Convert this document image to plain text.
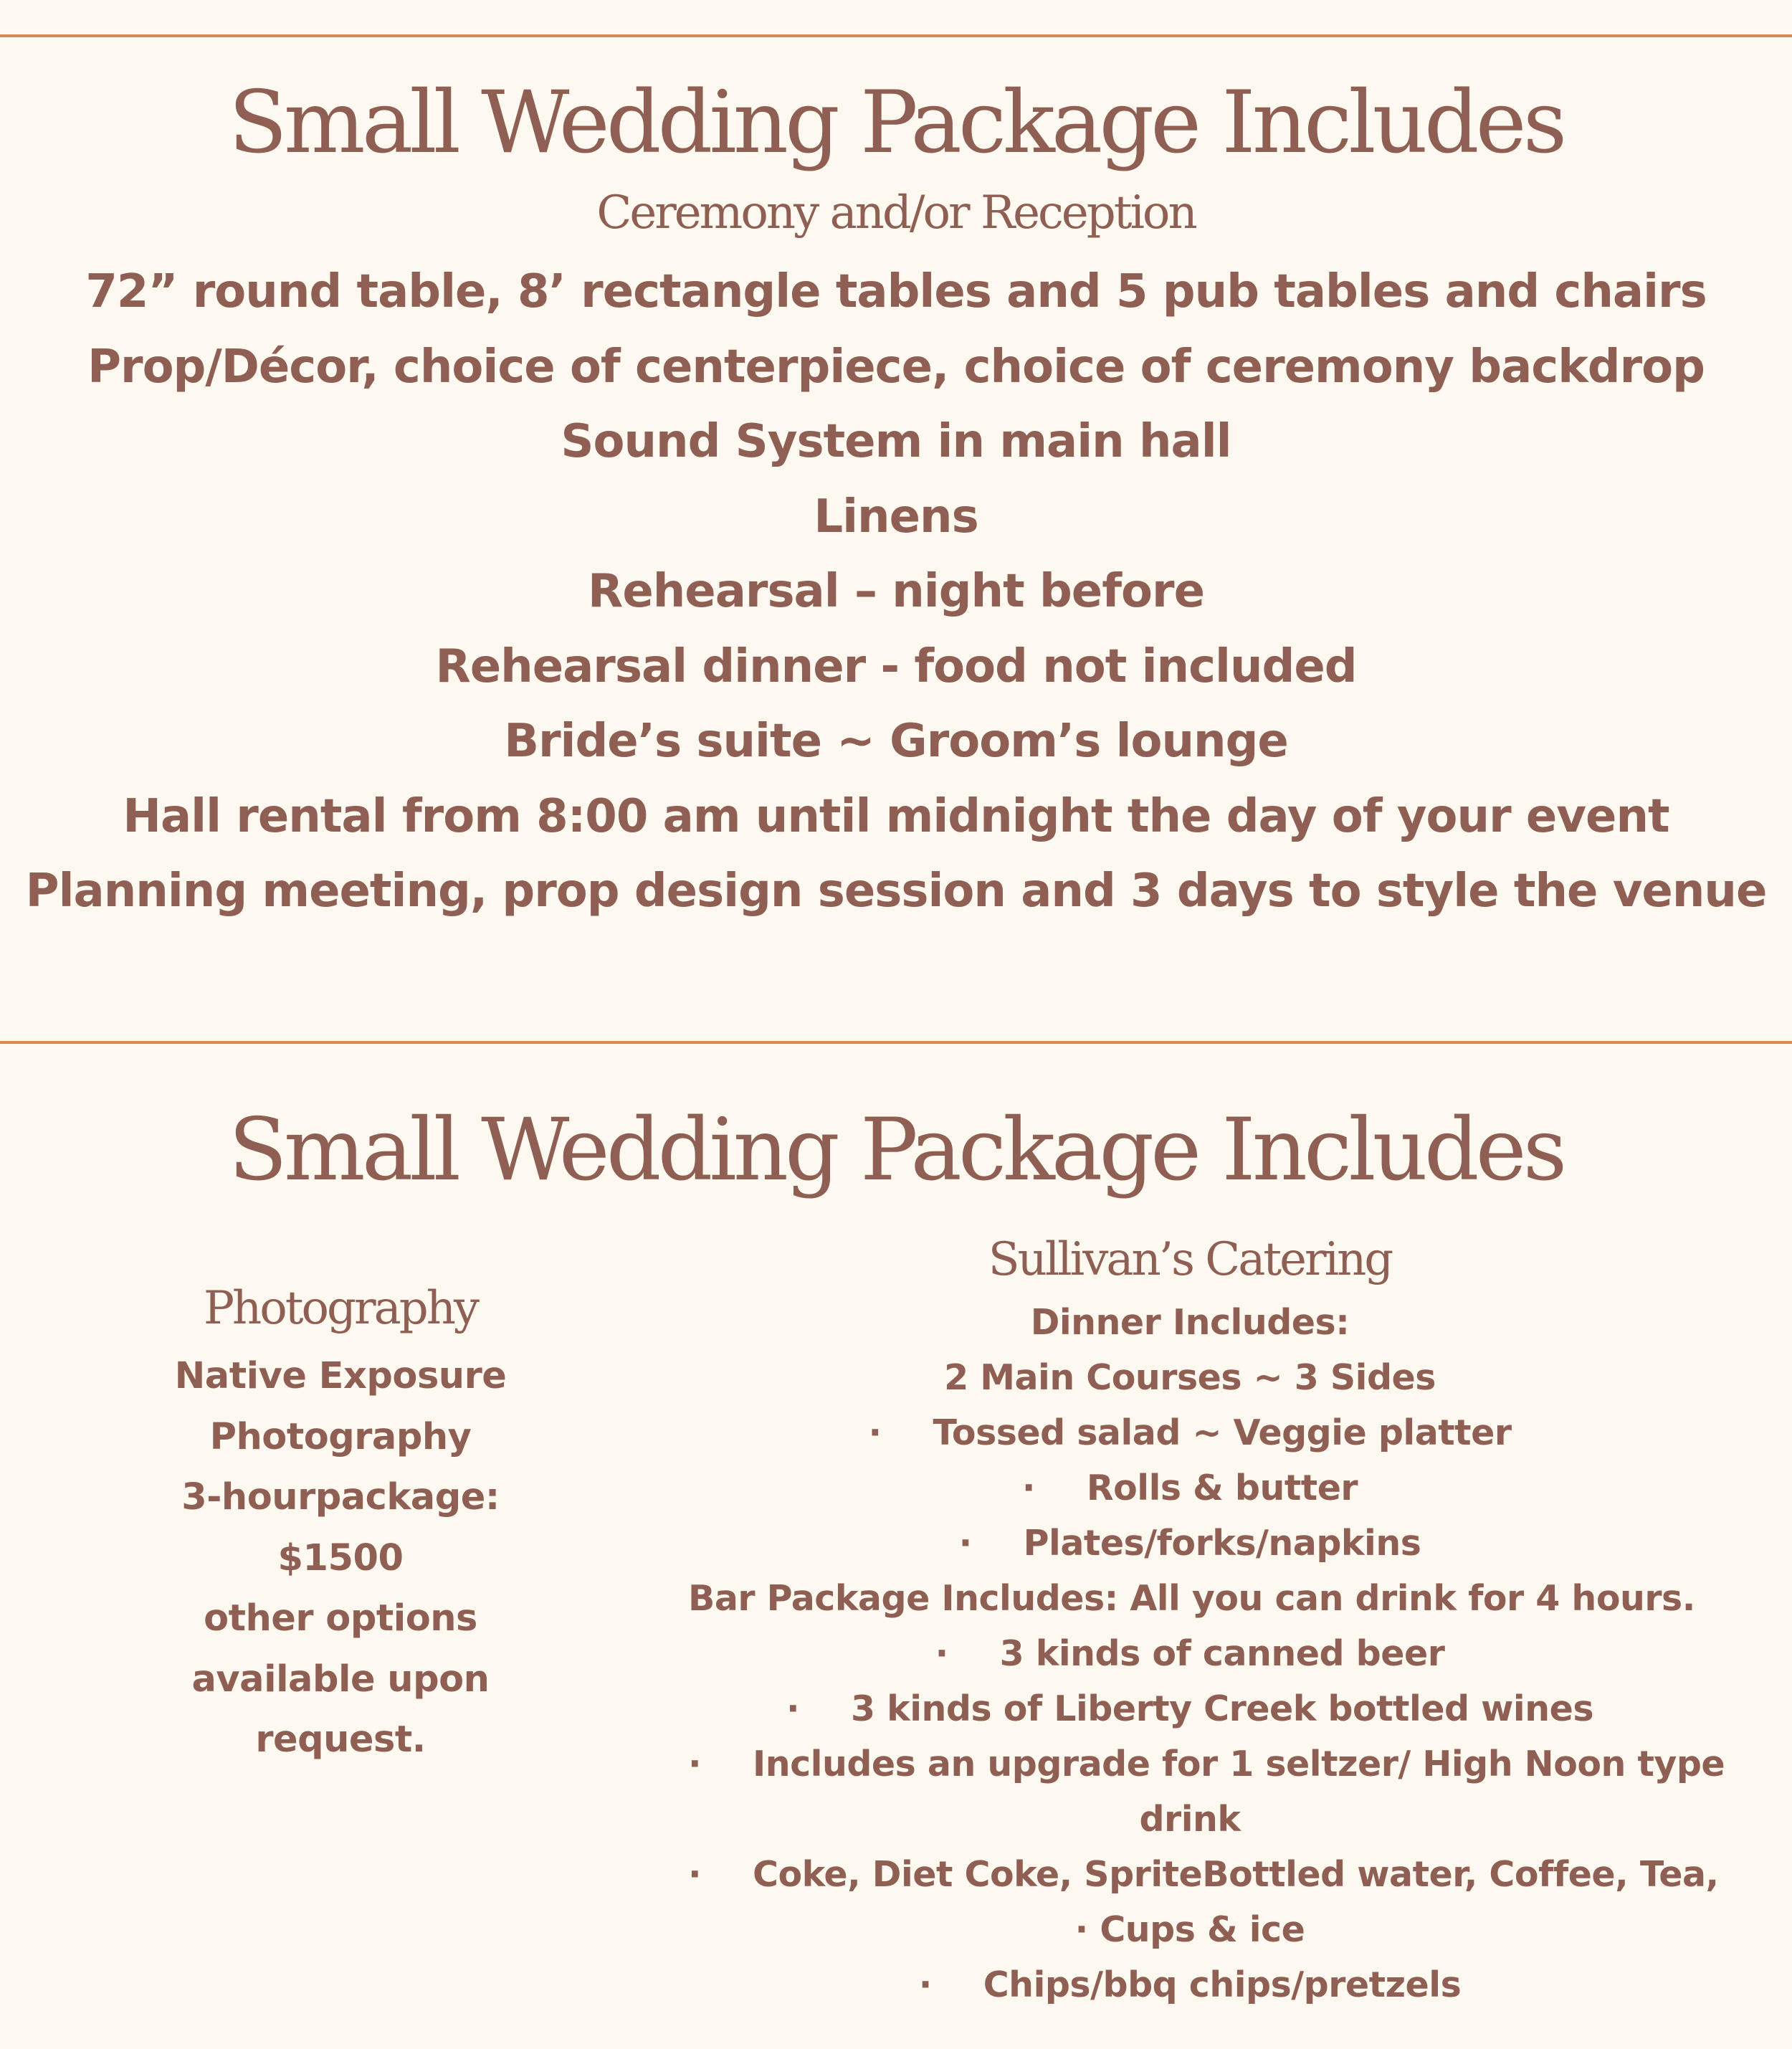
Small Wedding Package Includes
Ceremony and/or Reception
72” round table, 8’ rectangle tables and 5 pub tables and chairs
Prop/Décor, choice of centerpiece, choice of ceremony backdrop
Sound System in main hall
Linens
Rehearsal – night before
Rehearsal dinner - food not included
Bride’s suite ~ Groom’s lounge
Hall rental from 8:00 am until midnight the day of your event
Planning meeting, prop design session and 3 days to style the venue
Small Wedding Package Includes
Photography
Native Exposure
Photography
3-hourpackage:
$1500
other options
available upon
request.
Sullivan’s Catering
Dinner Includes:
2 Main Courses ~ 3 Sides
· Tossed salad ~ Veggie platter
· Rolls & butter
· Plates/forks/napkins
Bar Package Includes: All you can drink for 4 hours.
· 3 kinds of canned beer
· 3 kinds of Liberty Creek bottled wines
· Includes an upgrade for 1 seltzer/ High Noon type
drink
· Coke, Diet Coke, SpriteBottled water, Coffee, Tea,
· Cups & ice
· Chips/bbq chips/pretzels
